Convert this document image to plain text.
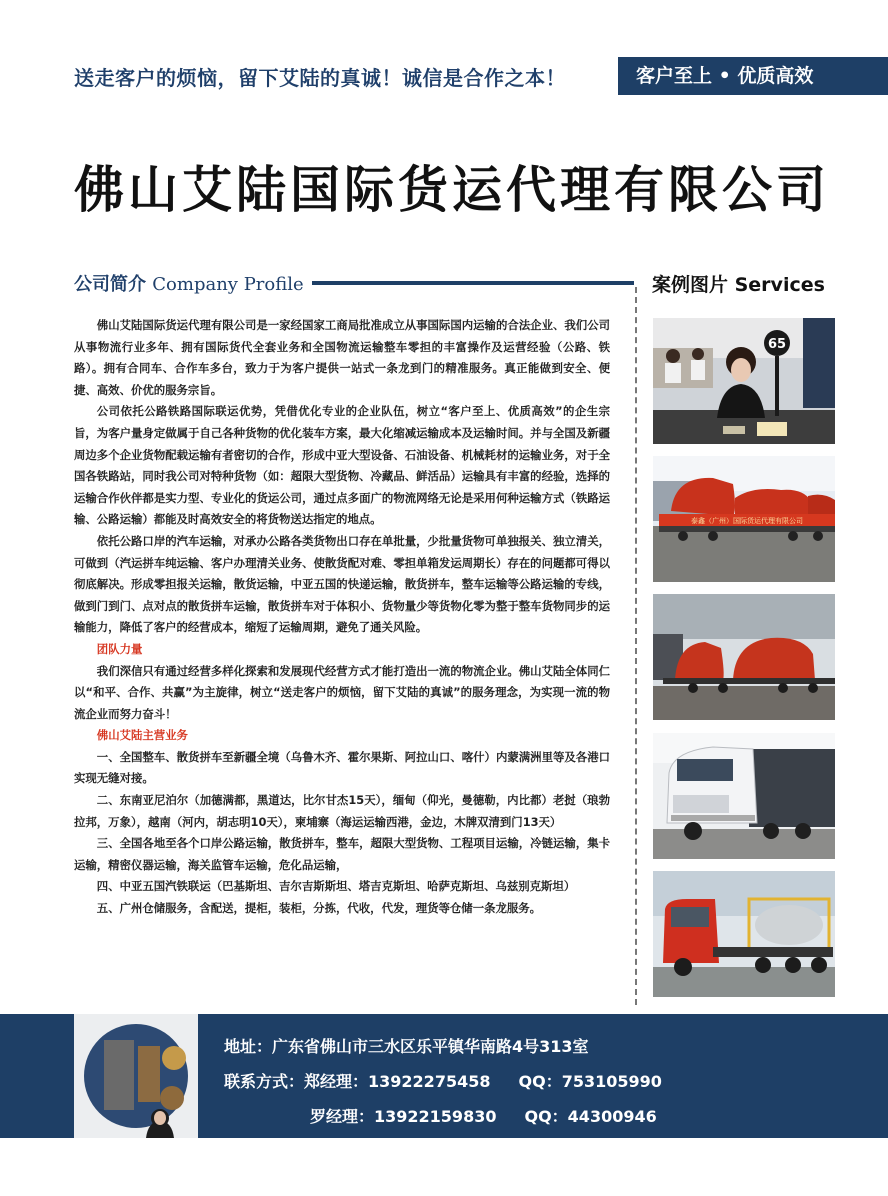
送走客户的烦恼，留下艾陆的真诚！诚信是合作之本！	客户至上 • 优质高效
佛山艾陆国际货运代理有限公司
公司简介 Company Profile	案例图片 Services

佛山艾陆国际货运代理有限公司是一家经国家工商局批准成立从事国际国内运输的合法企业、我们公司从事物流行业多年、拥有国际货代全套业务和全国物流运输整车零担的丰富操作及运营经验（公路、铁路）。拥有合同车、合作车多台，致力于为客户提供一站式一条龙到门的精准服务。真正能做到安全、便捷、高效、价优的服务宗旨。

公司依托公路铁路国际联运优势，凭借优化专业的企业队伍，树立“客户至上、优质高效”的企生宗旨，为客户量身定做属于自己各种货物的优化装车方案，最大化缩减运输成本及运输时间。并与全国及新疆周边多个企业货物配载运输有者密切的合作，形成中亚大型设备、石油设备、机械耗材的运输业务，对于全国各铁路站，同时我公司对特种货物（如：超限大型货物、冷藏品、鲜活品）运输具有丰富的经验，选择的运输合作伙伴都是实力型、专业化的货运公司，通过点多面广的物流网络无论是采用何种运输方式（铁路运输、公路运输）都能及时高效安全的将货物送达指定的地点。

依托公路口岸的汽车运输，对承办公路各类货物出口存在单批量，少批量货物可单独报关、独立清关，可做到（汽运拼车纯运输、客户办理清关业务、使散货配对难、零担单箱发运周期长）存在的问题都可得以彻底解决。形成零担报关运输，散货运输，中亚五国的快递运输，散货拼车，整车运输等公路运输的专线，做到门到门、点对点的散货拼车运输，散货拼车对于体积小、货物量少等货物化零为整于整车货物同步的运输能力，降低了客户的经营成本，缩短了运输周期，避免了通关风险。

团队力量

我们深信只有通过经营多样化探索和发展现代经营方式才能打造出一流的物流企业。佛山艾陆全体同仁以“和平、合作、共赢”为主旋律，树立“送走客户的烦恼，留下艾陆的真诚”的服务理念，为实现一流的物流企业而努力奋斗！

佛山艾陆主营业务

一、全国整车、散货拼车至新疆全境（乌鲁木齐、霍尔果斯、阿拉山口、喀什）内蒙满洲里等及各港口实现无缝对接。

二、东南亚尼泊尔（加德满都，黑道达，比尔甘杰15天），缅甸（仰光，曼德勒，内比都）老挝（琅勃拉邦，万象），越南（河内，胡志明10天），柬埔寨（海运运输西港，金边，木牌双清到门13天）

三、全国各地至各个口岸公路运输，散货拼车，整车，超限大型货物、工程项目运输，冷链运输，集卡运输，精密仪器运输，海关监管车运输，危化品运输，

四、中亚五国汽铁联运（巴基斯坦、吉尔吉斯斯坦、塔吉克斯坦、哈萨克斯坦、乌兹别克斯坦）

五、广州仓储服务，含配送，提柜，装柜，分拣，代收，代发，理货等仓储一条龙服务。

65
泰鑫（广州）国际货运代理有限公司
地址：广东省佛山市三水区乐平镇华南路4号313室
联系方式：郑经理：13922275458 QQ：753105990
罗经理：13922159830 QQ：44300946
